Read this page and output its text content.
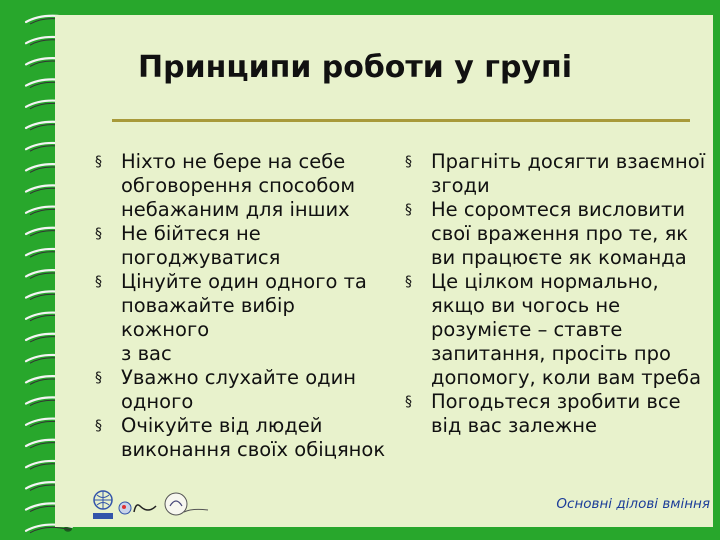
Принципи роботи у групі
§ Ніхто не бере на себе
обговорення способом
небажаним для інших
§ Не бійтеся не
погоджуватися
§ Цінуйте один одного та
поважайте вибір кожного
з вас
§ Уважно слухайте один
одного
§ Очікуйте від людей
виконання своїх обіцянок
§ Прагніть досягти взаємної
згоди
§ Не соромтеся висловити
свої враження про те, як
ви працюєте як команда
§ Це цілком нормально,
якщо ви чогось не
розумієте – ставте
запитання, просіть про
допомогу, коли вам треба
§ Погодьтеся зробити все
від вас залежне
Основні ділові вміння
